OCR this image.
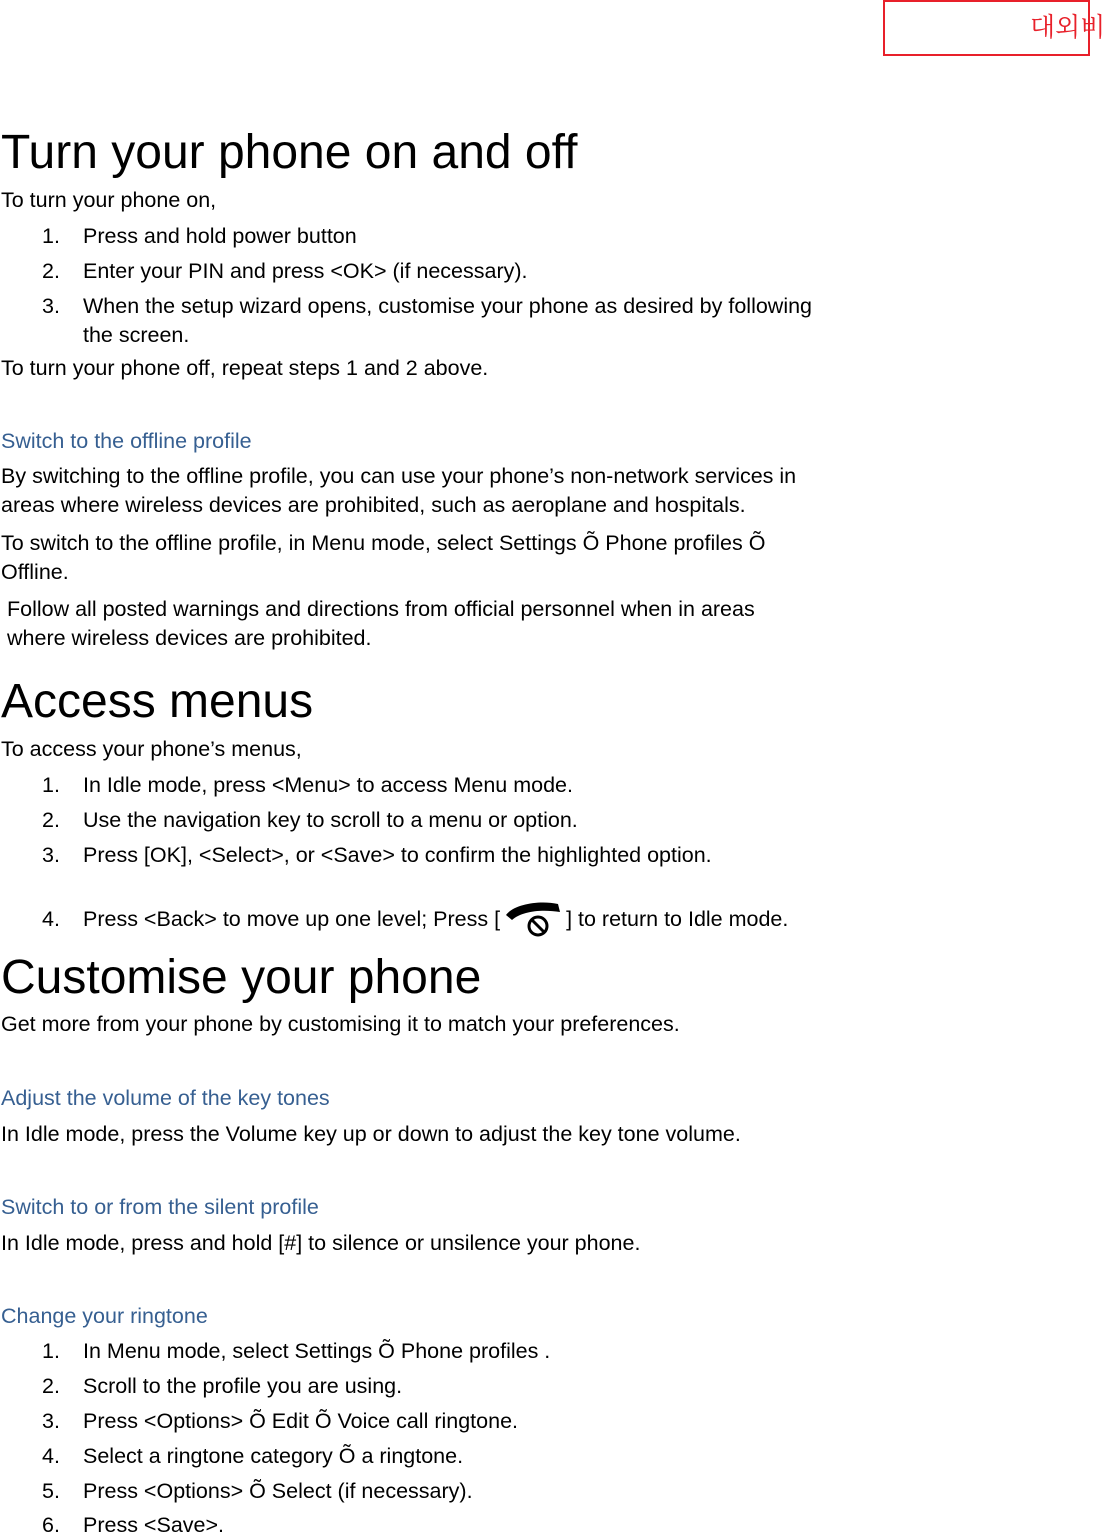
대외비
Turn your phone on and off
To turn your phone on,
1. Press and hold power button
2. Enter your PIN and press <OK> (if necessary).
3. When the setup wizard opens, customise your phone as desired by following
the screen.
To turn your phone off, repeat steps 1 and 2 above.
Switch to the offline profile
By switching to the offline profile, you can use your phone’s non-network services in
areas where wireless devices are prohibited, such as aeroplane and hospitals.
To switch to the offline profile, in Menu mode, select Settings Õ Phone profiles Õ
Offline.
Follow all posted warnings and directions from official personnel when in areas
where wireless devices are prohibited.
Access menus
To access your phone’s menus,
1. In Idle mode, press <Menu> to access Menu mode.
2. Use the navigation key to scroll to a menu or option.
3. Press [OK], <Select>, or <Save> to confirm the highlighted option.
4. Press <Back> to move up one level; Press [	] to return to Idle mode.
Customise your phone
Get more from your phone by customising it to match your preferences.
Adjust the volume of the key tones
In Idle mode, press the Volume key up or down to adjust the key tone volume.
Switch to or from the silent profile
In Idle mode, press and hold [#] to silence or unsilence your phone.
Change your ringtone
1. In Menu mode, select Settings Õ Phone profiles .
2. Scroll to the profile you are using.
3. Press <Options> Õ Edit Õ Voice call ringtone.
4. Select a ringtone category Õ a ringtone.
5. Press <Options> Õ Select (if necessary).
6. Press <Save>.
